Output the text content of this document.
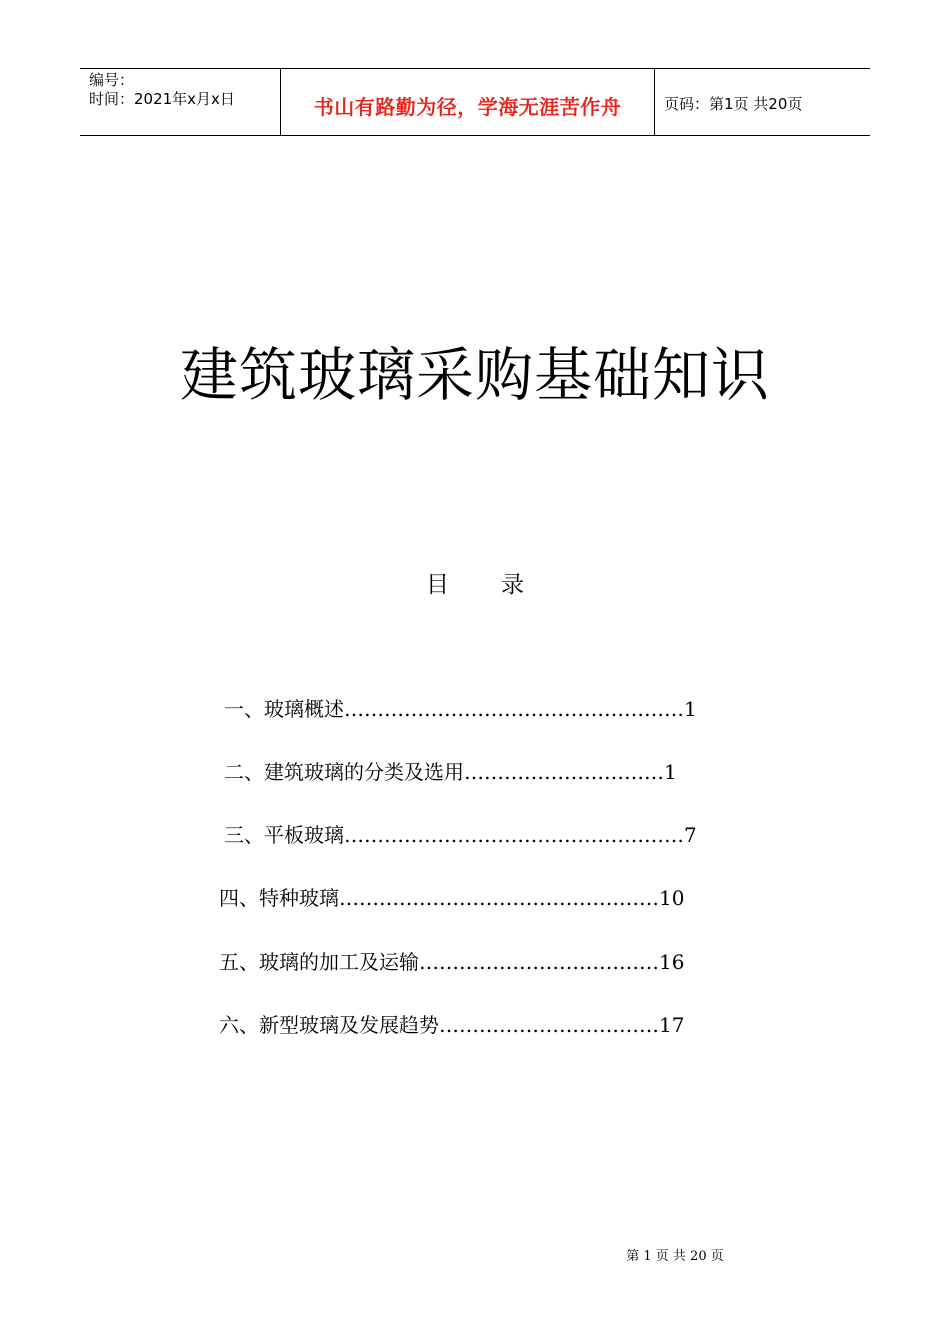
编号：
时间：2021年x月x日	书山有路勤为径，学海无涯苦作舟	页码：第1页 共20页
建筑玻璃采购基础知识
目 录
一、玻璃概述……………………………………………1
二、建筑玻璃的分类及选用…………………………1
三、平板玻璃……………………………………………7
四、特种玻璃…………………………………………10
五、玻璃的加工及运输………………………………16
六、新型玻璃及发展趋势……………………………17
第 1 页 共 20 页
